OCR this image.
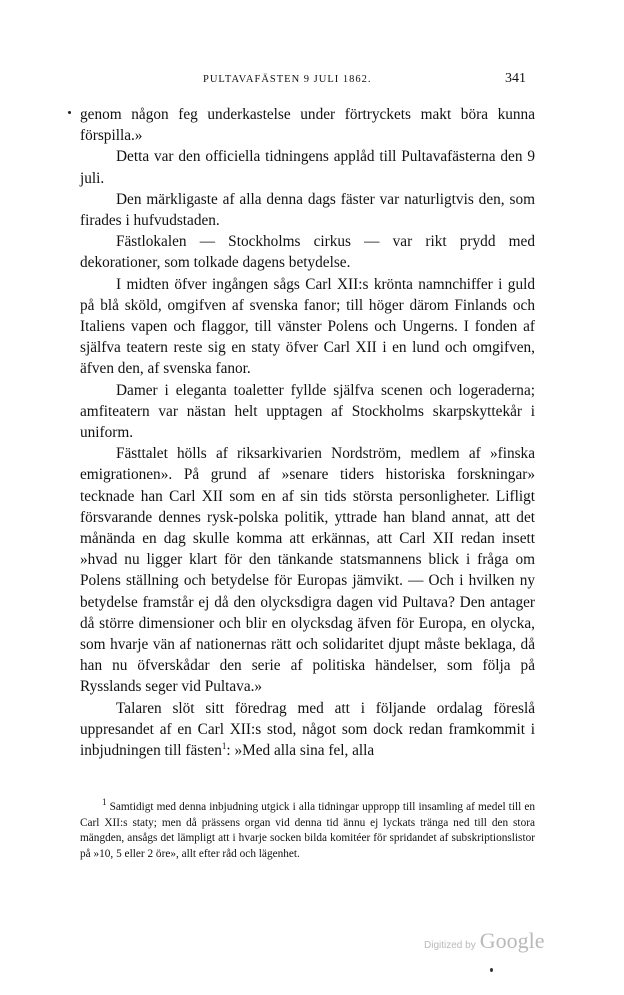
PULTAVAFÄSTEN 9 JULI 1862.	341

genom någon feg underkastelse under förtryckets makt böra kunna förspilla.»

Detta var den officiella tidningens applåd till Pultavafästerna den 9 juli.

Den märkligaste af alla denna dags fäster var naturligtvis den, som firades i hufvudstaden.

Fästlokalen — Stockholms cirkus — var rikt prydd med dekorationer, som tolkade dagens betydelse.

I midten öfver ingången sågs Carl XII:s krönta namnchiffer i guld på blå sköld, omgifven af svenska fanor; till höger därom Finlands och Italiens vapen och flaggor, till vänster Polens och Ungerns. I fonden af själfva teatern reste sig en staty öfver Carl XII i en lund och omgifven, äfven den, af svenska fanor.

Damer i eleganta toaletter fyllde själfva scenen och logeraderna; amfiteatern var nästan helt upptagen af Stockholms skarpskyttekår i uniform.

Fästtalet hölls af riksarkivarien Nordström, medlem af »finska emigrationen». På grund af »senare tiders historiska forskningar» tecknade han Carl XII som en af sin tids största personligheter. Lifligt försvarande dennes rysk-polska politik, yttrade han bland annat, att det månända en dag skulle komma att erkännas, att Carl XII redan insett »hvad nu ligger klart för den tänkande statsmannens blick i fråga om Polens ställning och betydelse för Europas jämvikt. — Och i hvilken ny betydelse framstår ej då den olycksdigra dagen vid Pultava? Den antager då större dimensioner och blir en olycksdag äfven för Europa, en olycka, som hvarje vän af nationernas rätt och solidaritet djupt måste beklaga, då han nu öfverskådar den serie af politiska händelser, som följa på Rysslands seger vid Pultava.»

Talaren slöt sitt föredrag med att i följande ordalag föreslå uppresandet af en Carl XII:s stod, något som dock redan framkommit i inbjudningen till fästen$^1$: »Med alla sina fel, alla

$^1$ Samtidigt med denna inbjudning utgick i alla tidningar uppropp till insamling af medel till en Carl XII:s staty; men då prässens organ vid denna tid ännu ej lyckats tränga ned till den stora mängden, ansågs det lämpligt att i hvarje socken bilda komitéer för spridandet af subskriptionslistor på »10, 5 eller 2 öre», allt efter råd och lägenhet.

Digitized by Google
